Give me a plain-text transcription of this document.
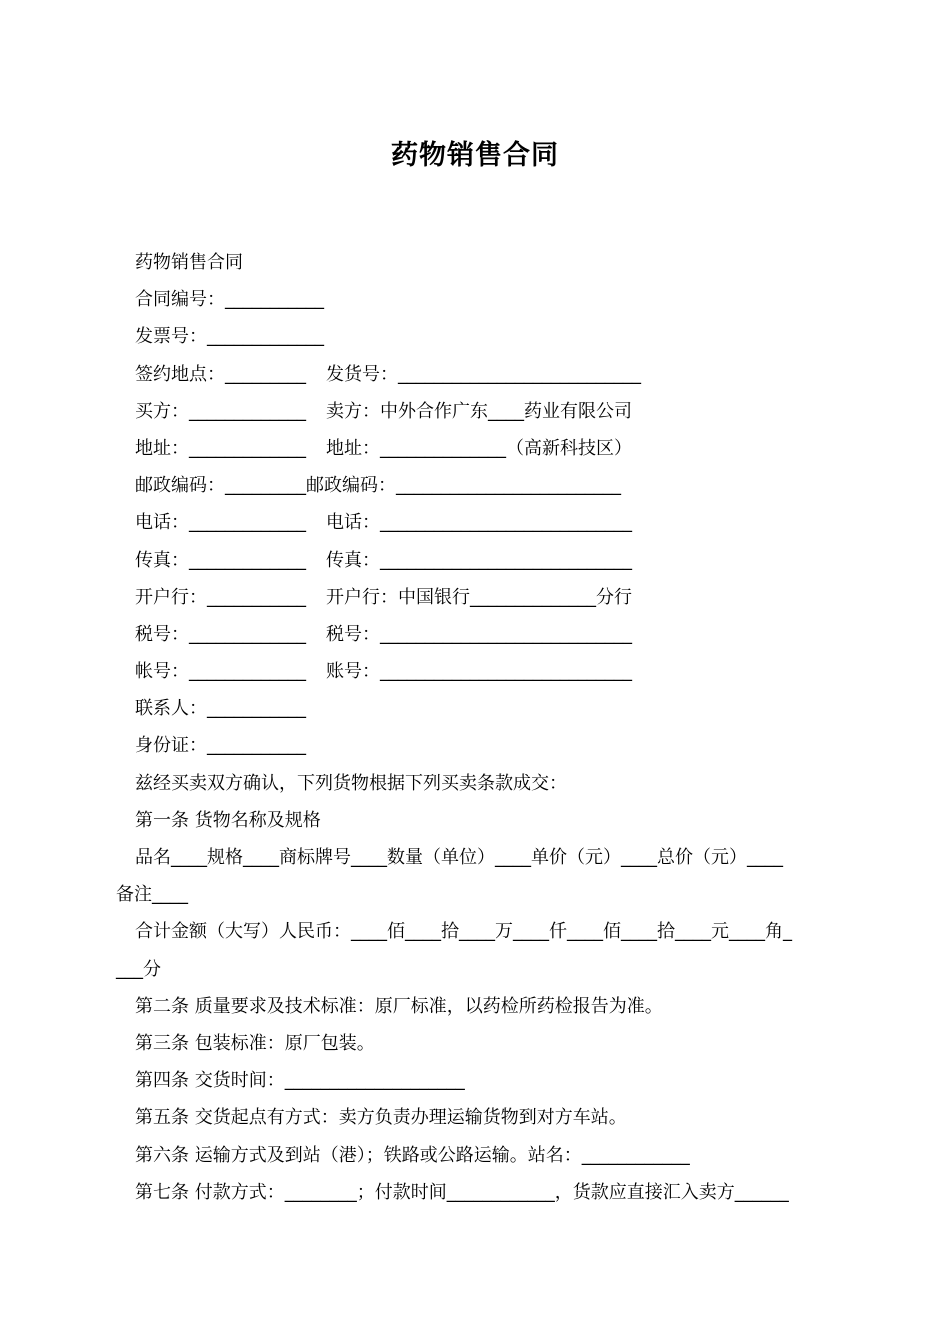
药物销售合同
药物销售合同
合同编号：___________
发票号：_____________
签约地点：_________ 发货号：___________________________
买方：_____________ 卖方：中外合作广东____药业有限公司
地址：_____________ 地址：______________（高新科技区）
邮政编码：_________邮政编码：_________________________
电话：_____________ 电话：____________________________
传真：_____________ 传真：____________________________
开户行：___________ 开户行：中国银行______________分行
税号：_____________ 税号：____________________________
帐号：_____________ 账号：____________________________
联系人：___________
身份证：___________
兹经买卖双方确认，下列货物根据下列买卖条款成交：
第一条 货物名称及规格
品名____规格____商标牌号____数量（单位）____单价（元）____总价（元）____
备注____
合计金额（大写）人民币：____佰____拾____万____仟____佰____拾____元____角_
___分
第二条 质量要求及技术标准：原厂标准，以药检所药检报告为准。
第三条 包装标准：原厂包装。
第四条 交货时间：____________________
第五条 交货起点有方式：卖方负责办理运输货物到对方车站。
第六条 运输方式及到站（港）；铁路或公路运输。站名：____________
第七条 付款方式：________；付款时间____________，货款应直接汇入卖方______
